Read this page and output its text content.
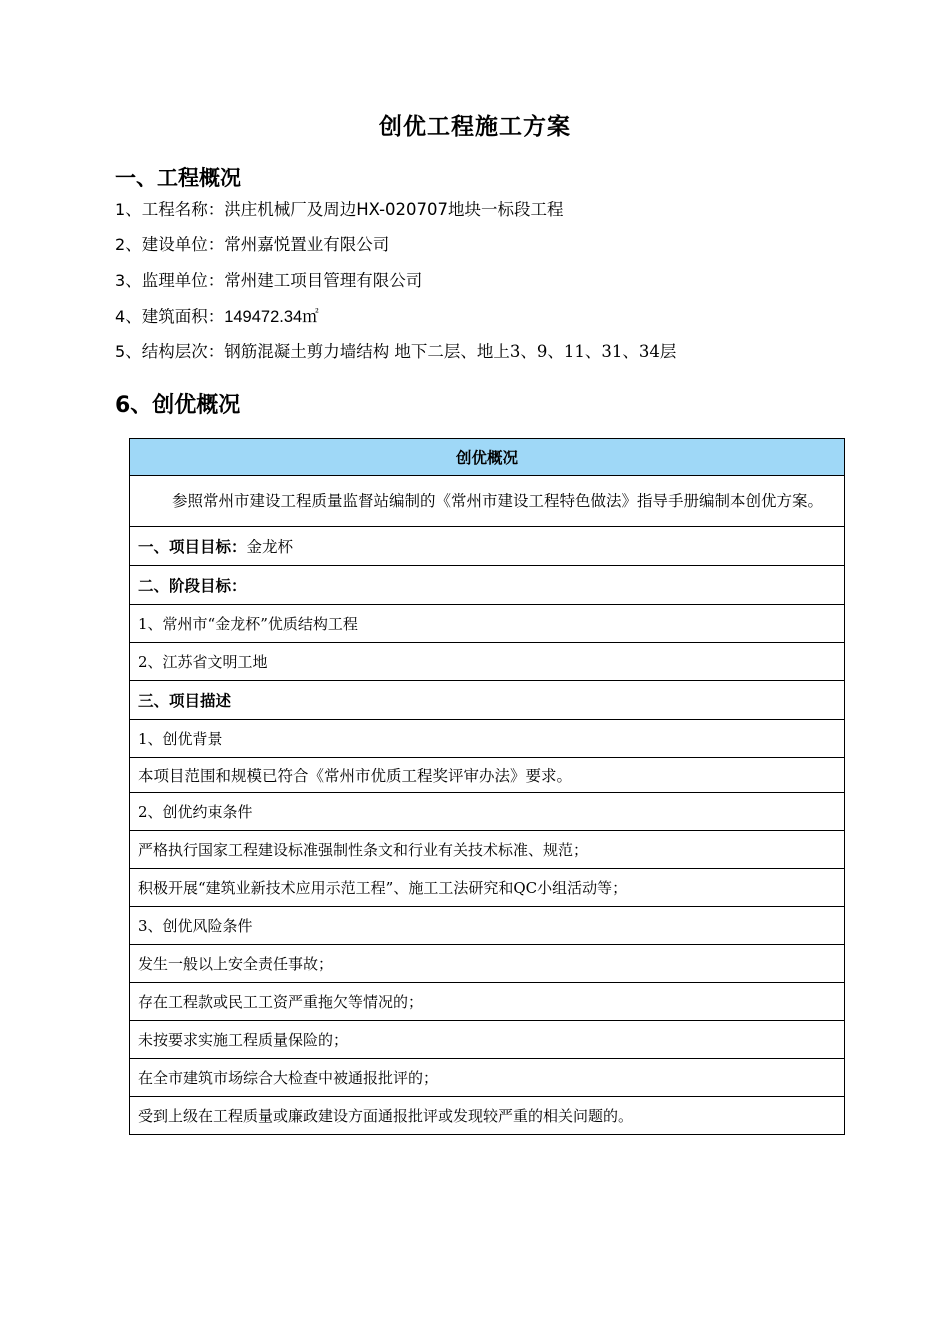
创优工程施工方案
一、工程概况
1、工程名称：洪庄机械厂及周边HX-020707地块一标段工程
2、建设单位：常州嘉悦置业有限公司
3、监理单位：常州建工项目管理有限公司
4、建筑面积：149472.34㎡
5、结构层次：钢筋混凝土剪力墙结构 地下二层、地上3、9、11、31、34层
6、创优概况
创优概况
参照常州市建设工程质量监督站编制的《常州市建设工程特色做法》指导手册编制本创优方案。
一、项目目标：金龙杯
二、阶段目标：
1、常州市“金龙杯”优质结构工程
2、江苏省文明工地
三、项目描述
1、创优背景
本项目范围和规模已符合《常州市优质工程奖评审办法》要求。
2、创优约束条件
严格执行国家工程建设标准强制性条文和行业有关技术标准、规范；
积极开展“建筑业新技术应用示范工程”、施工工法研究和QC小组活动等；
3、创优风险条件
发生一般以上安全责任事故；
存在工程款或民工工资严重拖欠等情况的；
未按要求实施工程质量保险的；
在全市建筑市场综合大检查中被通报批评的；
受到上级在工程质量或廉政建设方面通报批评或发现较严重的相关问题的。
